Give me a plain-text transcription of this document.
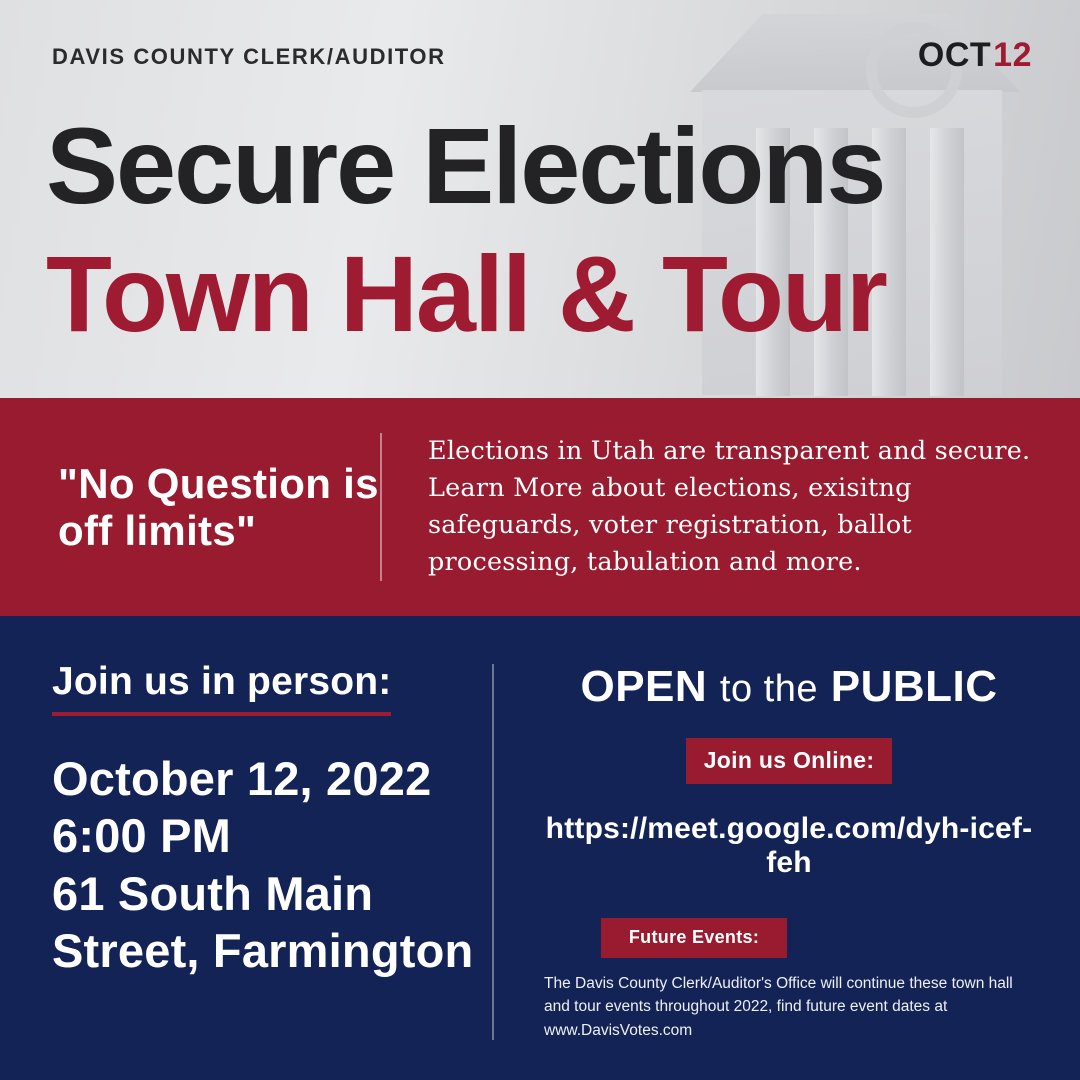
DAVIS COUNTY CLERK/AUDITOR	OCT 12
Secure Elections
Town Hall & Tour
"No Question is off limits"
Elections in Utah are transparent and secure. Learn More about elections, exisitng safeguards, voter registration, ballot processing, tabulation and more.
Join us in person:
October 12, 2022
6:00 PM
61 South Main
Street, Farmington
OPEN to the PUBLIC
Join us Online:
https://meet.google.com/dyh-icef-feh
Future Events:
The Davis County Clerk/Auditor's Office will continue these town hall and tour events throughout 2022, find future event dates at www.DavisVotes.com
